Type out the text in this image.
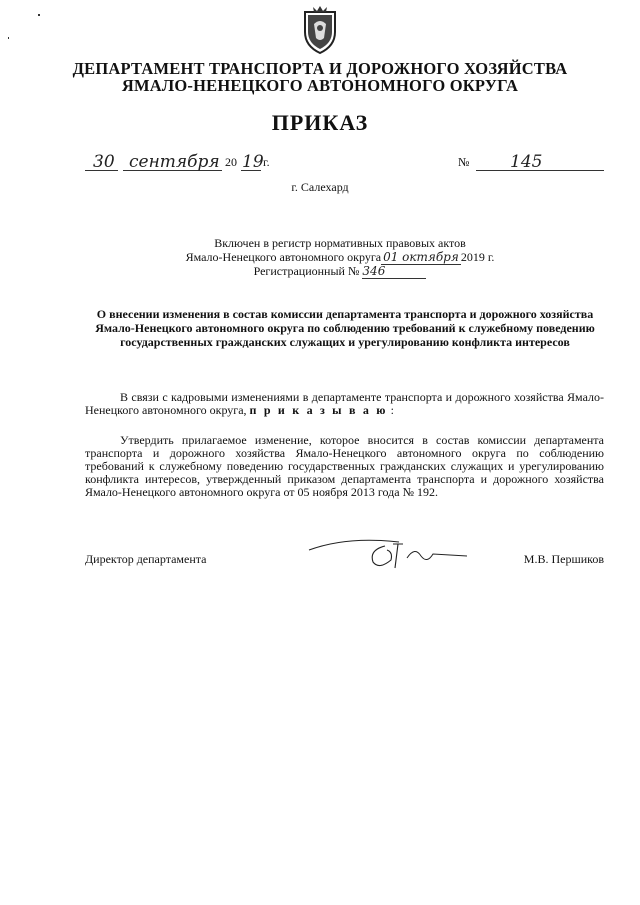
ДЕПАРТАМЕНТ ТРАНСПОРТА И ДОРОЖНОГО ХОЗЯЙСТВА
ЯМАЛО-НЕНЕЦКОГО АВТОНОМНОГО ОКРУГА
ПРИКАЗ
30 сентября 20 19 г.	№ 145
г. Салехард
Включен в регистр нормативных правовых актов
Ямало-Ненецкого автономного округа 01 октября 2019 г.
Регистрационный № 346
О внесении изменения в состав комиссии департамента транспорта и дорожного хозяйства Ямало-Ненецкого автономного округа по соблюдению требований к служебному поведению государственных гражданских служащих и урегулированию конфликта интересов
В связи с кадровыми изменениями в департаменте транспорта и дорожного хозяйства Ямало-Ненецкого автономного округа, п р и к а з ы в а ю :
Утвердить прилагаемое изменение, которое вносится в состав комиссии департамента транспорта и дорожного хозяйства Ямало-Ненецкого автономного округа по соблюдению требований к служебному поведению государственных гражданских служащих и урегулированию конфликта интересов, утвержденный приказом департамента транспорта и дорожного хозяйства Ямало-Ненецкого автономного округа от 05 ноября 2013 года № 192.
Директор департамента	М.В. Першиков
